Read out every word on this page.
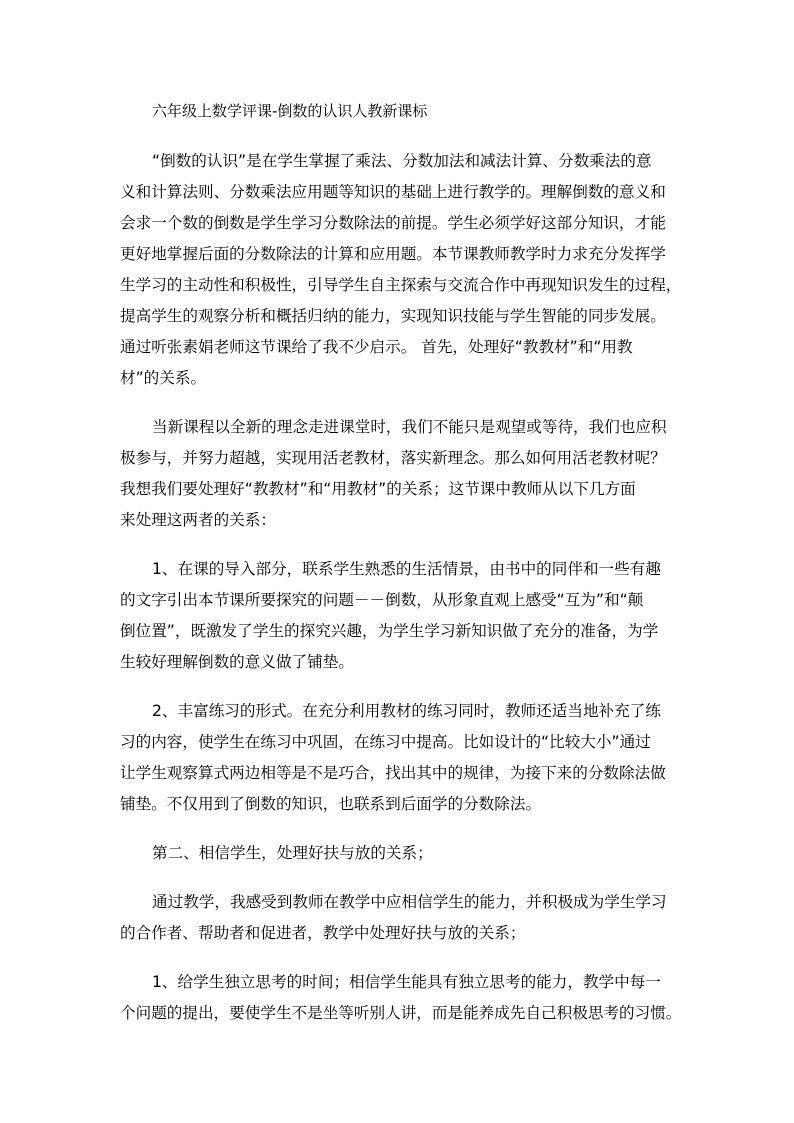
六年级上数学评课-倒数的认识人教新课标
“倒数的认识”是在学生掌握了乘法、分数加法和减法计算、分数乘法的意
义和计算法则、分数乘法应用题等知识的基础上进行教学的。理解倒数的意义和
会求一个数的倒数是学生学习分数除法的前提。学生必须学好这部分知识，才能
更好地掌握后面的分数除法的计算和应用题。本节课教师教学时力求充分发挥学
生学习的主动性和积极性，引导学生自主探索与交流合作中再现知识发生的过程，
提高学生的观察分析和概括归纳的能力，实现知识技能与学生智能的同步发展。
通过听张素娟老师这节课给了我不少启示。 首先，处理好“教教材”和“用教
材”的关系。
当新课程以全新的理念走进课堂时，我们不能只是观望或等待，我们也应积
极参与，并努力超越，实现用活老教材，落实新理念。那么如何用活老教材呢？
我想我们要处理好“教教材”和“用教材”的关系；这节课中教师从以下几方面
来处理这两者的关系：
1、在课的导入部分，联系学生熟悉的生活情景，由书中的同伴和一些有趣
的文字引出本节课所要探究的问题－－倒数，从形象直观上感受“互为”和“颠
倒位置”，既激发了学生的探究兴趣，为学生学习新知识做了充分的准备，为学
生较好理解倒数的意义做了铺垫。
2、丰富练习的形式。在充分利用教材的练习同时，教师还适当地补充了练
习的内容，使学生在练习中巩固，在练习中提高。比如设计的“比较大小”通过
让学生观察算式两边相等是不是巧合，找出其中的规律，为接下来的分数除法做
铺垫。不仅用到了倒数的知识，也联系到后面学的分数除法。
第二、相信学生，处理好扶与放的关系；
通过教学，我感受到教师在教学中应相信学生的能力，并积极成为学生学习
的合作者、帮助者和促进者，教学中处理好扶与放的关系；
1、给学生独立思考的时间；相信学生能具有独立思考的能力，教学中每一
个问题的提出，要使学生不是坐等听别人讲，而是能养成先自己积极思考的习惯。
